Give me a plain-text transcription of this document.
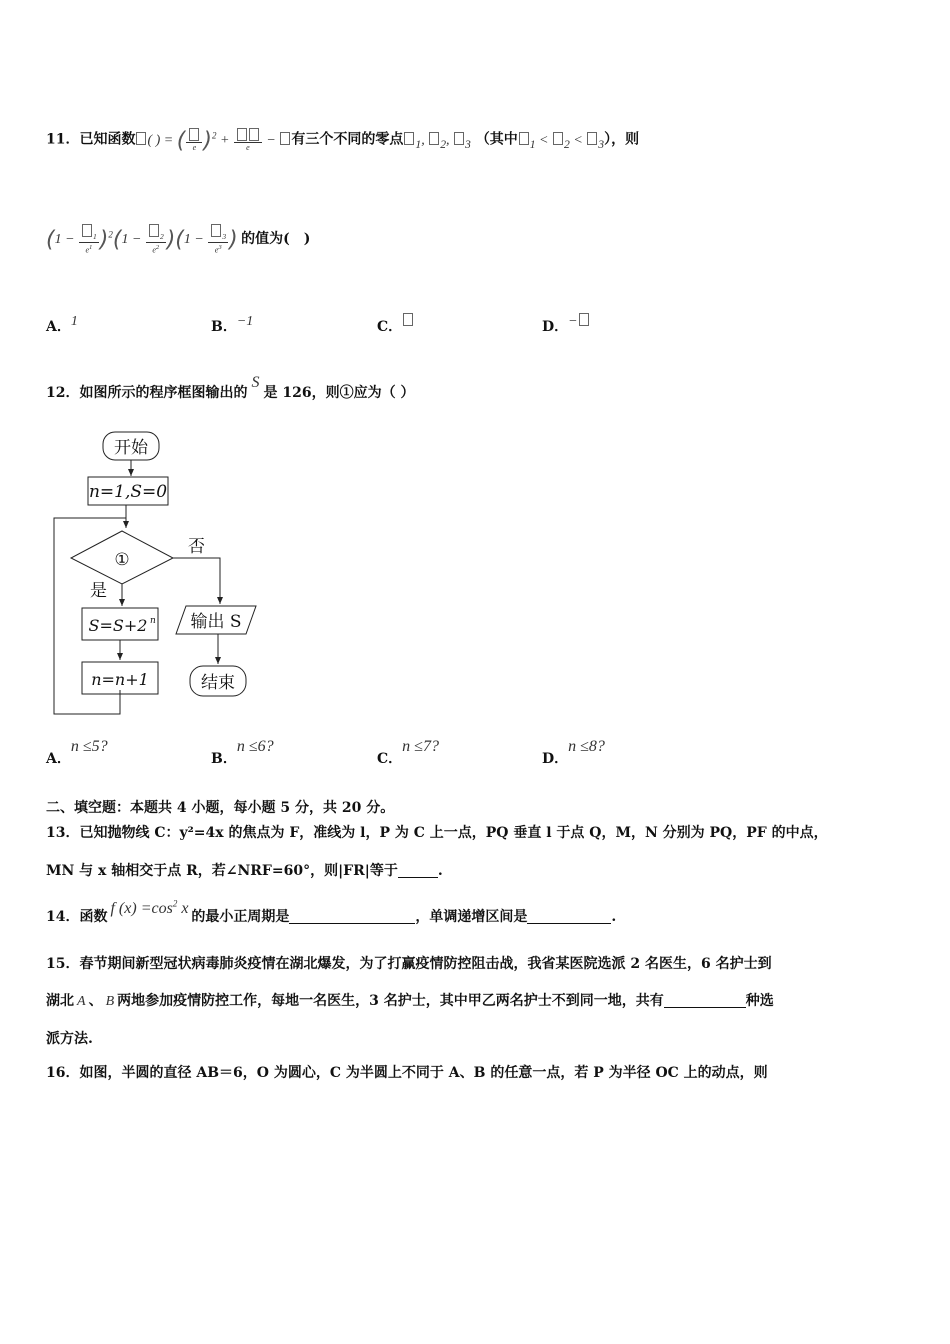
11．已知函数 ( ) = ( e )$^2$ +	e	− 有三个不同的零点 $_1$, $_2$, $_3$ （其中 $_1$ < $_2$ < $_3$），则
$(1 - \frac{_1}{e^1} )^2(1 - \frac{_2}{e^2} )(1 - \frac{_3}{e^3}$ ) 的值为(　)
A．1	B．−1	C．	D．−
12．如图所示的程序框图输出的S是 126，则①应为（ ）
开始
n=1,S=0
①
否
是
S=S+2 n
n=n+1
输出 S
结束
A．n ≤5?
B．n ≤6?
C．n ≤7?
D．n ≤8?
二、填空题：本题共 4 小题，每小题 5 分，共 20 分。
13．已知抛物线 C：y²=4x 的焦点为 F，准线为 l，P 为 C 上一点，PQ 垂直 l 于点 Q，M，N 分别为 PQ，PF 的中点，
MN 与 x 轴相交于点 R，若∠NRF=60°，则|FR|等于	.
14．函数 f $(x) =\cos^2$ x 的最小正周期是	，单调递增区间是	.
15．春节期间新型冠状病毒肺炎疫情在湖北爆发，为了打赢疫情防控阻击战，我省某医院选派 2 名医生，6 名护士到
湖北 A 、 B 两地参加疫情防控工作，每地一名医生，3 名护士，其中甲乙两名护士不到同一地，共有	种选
派方法.
16．如图，半圆的直径 AB＝6，O 为圆心，C 为半圆上不同于 A、B 的任意一点，若 P 为半径 OC 上的动点，则
